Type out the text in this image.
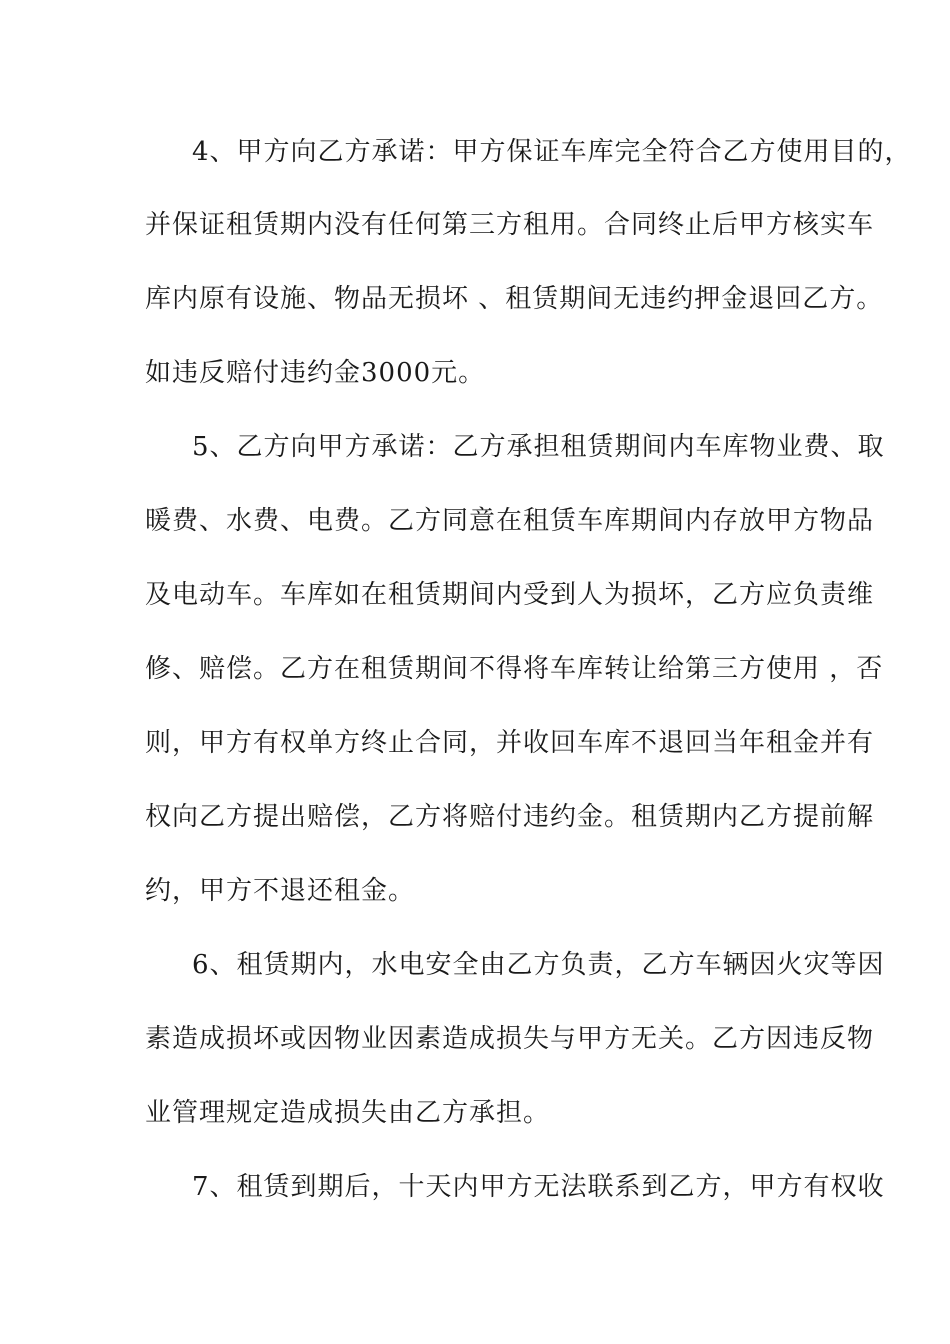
4、甲方向乙方承诺：甲方保证车库完全符合乙方使用目的，
并保证租赁期内没有任何第三方租用。合同终止后甲方核实车
库内原有设施、物品无损坏 、租赁期间无违约押金退回乙方。
如违反赔付违约金3000元。
5、乙方向甲方承诺：乙方承担租赁期间内车库物业费、取
暖费、水费、电费。乙方同意在租赁车库期间内存放甲方物品
及电动车。车库如在租赁期间内受到人为损坏，乙方应负责维
修、赔偿。乙方在租赁期间不得将车库转让给第三方使用 ，否
则，甲方有权单方终止合同，并收回车库不退回当年租金并有
权向乙方提出赔偿，乙方将赔付违约金。租赁期内乙方提前解
约，甲方不退还租金。
6、租赁期内，水电安全由乙方负责，乙方车辆因火灾等因
素造成损坏或因物业因素造成损失与甲方无关。乙方因违反物
业管理规定造成损失由乙方承担。
7、租赁到期后，十天内甲方无法联系到乙方，甲方有权收
